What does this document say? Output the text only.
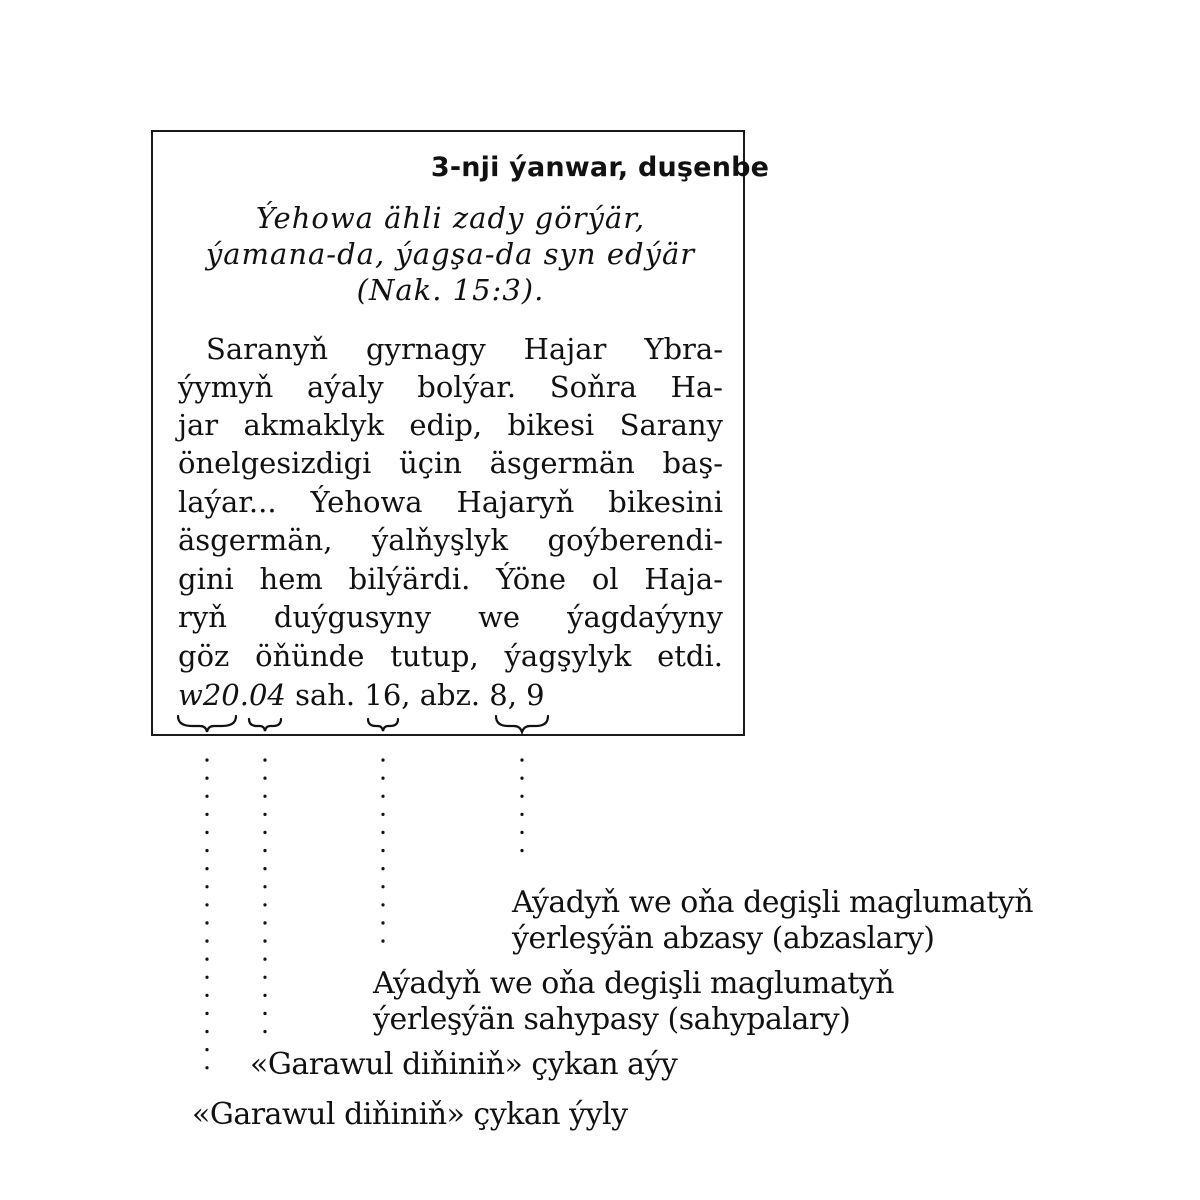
3-nji ýanwar, duşenbe
Ýehowa ähli zady görýär,
ýamana-da, ýagşa-da syn edýär
(Nak. 15:3).
Saranyň gyrnagy Hajar Ybra-
ýymyň aýaly bolýar. Soňra Ha-
jar akmaklyk edip, bikesi Sarany
önelgesizdigi üçin äsgermän baş-
laýar... Ýehowa Hajaryň bikesini
äsgermän, ýalňyşlyk goýberendi-
gini hem bilýärdi. Ýöne ol Haja-
ryň duýgusyny we ýagdaýyny
göz öňünde tutup, ýagşylyk etdi.
w20.04 sah. 16, abz. 8, 9
Aýadyň we oňa degişli maglumatyň
ýerleşýän abzasy (abzaslary)
Aýadyň we oňa degişli maglumatyň
ýerleşýän sahypasy (sahypalary)
«Garawul diňiniň» çykan aýy
«Garawul diňiniň» çykan ýyly
